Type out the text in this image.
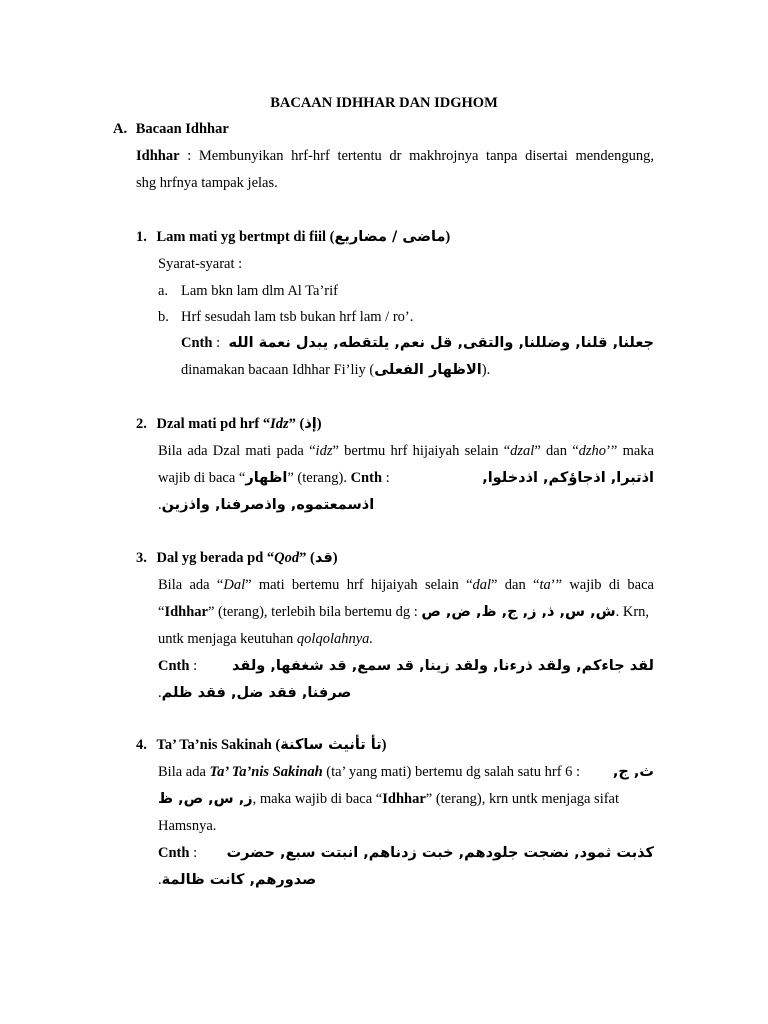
BACAAN IDHHAR DAN IDGHOM
A. Bacaan Idhhar
Idhhar : Membunyikan hrf-hrf tertentu dr makhrojnya tanpa disertai mendengung,
shg hrfnya tampak jelas.
1. Lam mati yg bertmpt di fiil (ماضى / مضاريع)
Syarat-syarat :
a. Lam bkn lam dlm Al Ta’rif
b. Hrf sesudah lam tsb bukan hrf lam / ro’.
Cnth : جعلنا, قلنا, وضللنا, والتقى, قل نعم, يلتقطه, يبدل نعمة الله
dinamakan bacaan Idhhar Fi’liy (الاظهار الفعلى).
2. Dzal mati pd hrf “Idz” (إذ)
Bila ada Dzal mati pada “idz” bertmu hrf hijaiyah selain “dzal” dan “dzho’” maka
wajib di baca “اظهار” (terang). Cnth :	اذتبرا, اذجاؤكم, اذدخلوا,
اذسمعتموه, واذصرفنا, واذزين.
3. Dal yg berada pd “Qod” (قد)
Bila ada “Dal” mati bertemu hrf hijaiyah selain “dal” dan “ta’” wajib di baca
“Idhhar” (terang), terlebih bila bertemu dg : ش, س, ذ, ز, ج, ظ, ض, ص. Krn,
untk menjaga keutuhan qolqolahnya.
Cnth : لقد جاءكم, ولقد ذرءنا, ولقد زينا, قد سمع, قد شغفها, ولقد
صرفنا, فقد ضل, فقد ظلم.
4. Ta’ Ta’nis Sakinah (تأ تأنيث ساكنة)
Bila ada Ta’ Ta’nis Sakinah (ta’ yang mati) bertemu dg salah satu hrf 6 : ث, ج,
ز, س, ص, ظ, maka wajib di baca “Idhhar” (terang), krn untk menjaga sifat
Hamsnya.
Cnth : كذبت ثمود, نضجت جلودهم, خبت زدناهم, انبتت سبع, حضرت
صدورهم, كانت ظالمة.
